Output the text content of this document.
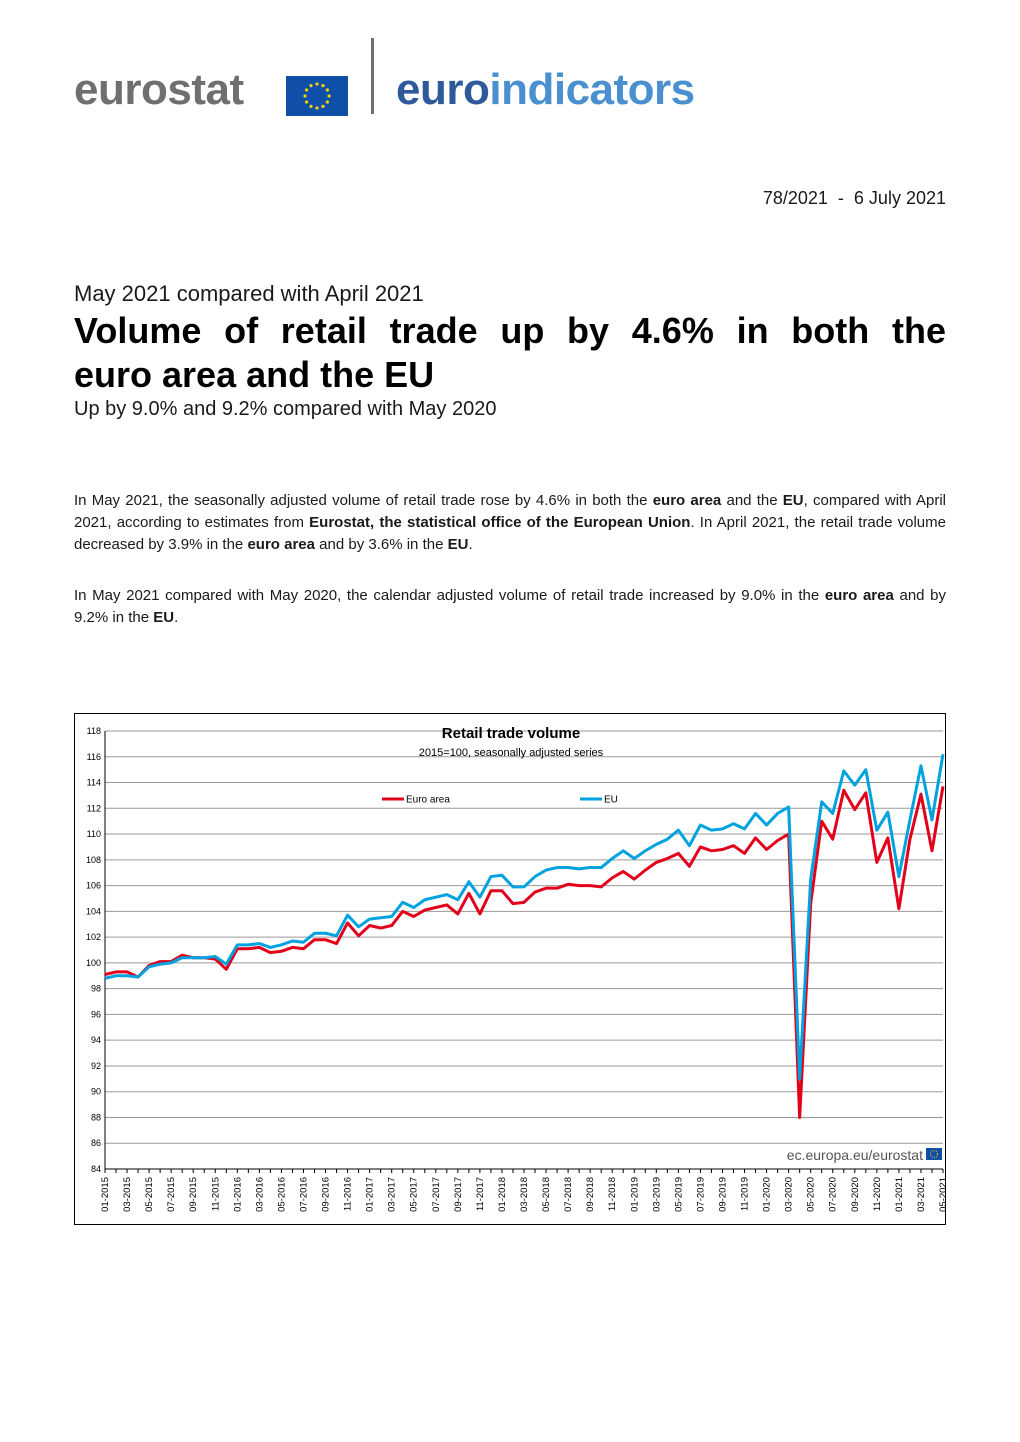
eurostat	euroindicators
78/2021  -  6 July 2021
May 2021 compared with April 2021
Volume of retail trade up by 4.6% in both the
euro area and the EU
Up by 9.0% and 9.2% compared with May 2020
In May 2021, the seasonally adjusted volume of retail trade rose by 4.6% in both the euro area and the EU, compared with April 2021, according to estimates from Eurostat, the statistical office of the European Union. In April 2021, the retail trade volume decreased by 3.9% in the euro area and by 3.6% in the EU.
In May 2021 compared with May 2020, the calendar adjusted volume of retail trade increased by 9.0% in the euro area and by 9.2% in the EU.
84
86
88
90
92
94
96
98
100
102
104
106
108
110
112
114
116
118
01-2015 03-2015 05-2015 07-2015 09-2015 11-2015 01-2016 03-2016 05-2016 07-2016 09-2016 11-2016 01-2017 03-2017 05-2017 07-2017 09-2017 11-2017 01-2018 03-2018 05-2018 07-2018 09-2018 11-2018 01-2019 03-2019 05-2019 07-2019 09-2019 11-2019 01-2020 03-2020 05-2020 07-2020 09-2020 11-2020 01-2021 03-2021 05-2021
Retail trade volume
2015=100, seasonally adjusted series
Euro area	EU
ec.europa.eu/eurostat
